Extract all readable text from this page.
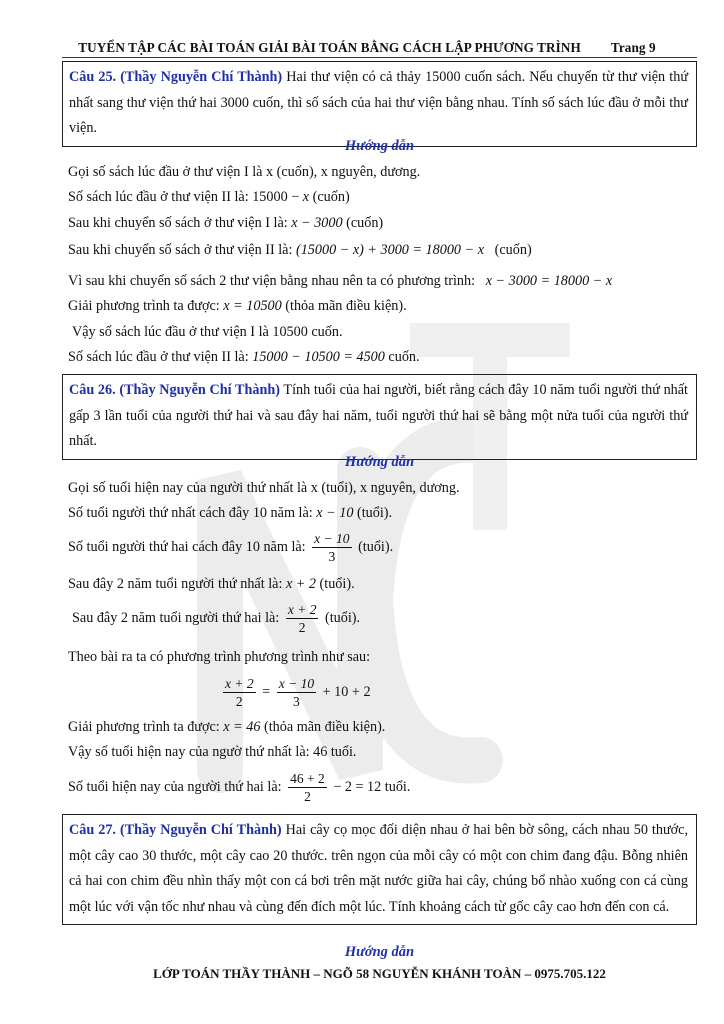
TUYỂN TẬP CÁC BÀI TOÁN GIẢI BÀI TOÁN BẰNG CÁCH LẬP PHƯƠNG TRÌNH Trang 9
Câu 25. (Thầy Nguyễn Chí Thành) Hai thư viện có cả thảy 15000 cuốn sách. Nếu chuyển từ thư viện thứ nhất sang thư viện thứ hai 3000 cuốn, thì số sách của hai thư viện bằng nhau. Tính số sách lúc đầu ở mỗi thư viện.
Hướng dẫn
Gọi số sách lúc đầu ở thư viện I là x (cuốn), x nguyên, dương.
Số sách lúc đầu ở thư viện II là: 15000 − x (cuốn)
Sau khi chuyển số sách ở thư viện I là: x − 3000 (cuốn)
Sau khi chuyển số sách ở thư viện II là: (15000 − x) + 3000 = 18000 − x (cuốn)
Vì sau khi chuyển số sách 2 thư viện bằng nhau nên ta có phương trình:   x − 3000 = 18000 − x
Giải phương trình ta được: x = 10500 (thỏa mãn điều kiện).
Vậy số sách lúc đầu ở thư viện I là 10500 cuốn.
Số sách lúc đầu ở thư viện II là: 15000 − 10500 = 4500 cuốn.
Câu 26. (Thầy Nguyễn Chí Thành) Tính tuổi của hai người, biết rằng cách đây 10 năm tuổi người thứ nhất gấp 3 lần tuổi của người thứ hai và sau đây hai năm, tuổi người thứ hai sẽ bằng một nửa tuổi của người thứ nhất.
Hướng dẫn
Gọi số tuổi hiện nay của người thứ nhất là x (tuổi), x nguyên, dương.
Số tuổi người thứ nhất cách đây 10 năm là: x − 10 (tuổi).
Số tuổi người thứ hai cách đây 10 năm là: $\frac{x - 10}{3}$ (tuổi).
Sau đây 2 năm tuổi người thứ nhất là: x + 2 (tuổi).
Sau đây 2 năm tuổi người thứ hai là: $\frac{x + 2}{2}$ (tuổi).
Theo bài ra ta có phương trình phương trình như sau:
$\frac{x + 2}{2} = \frac{x - 10}{3} + 10 + 2$
Giải phương trình ta được: x = 46 (thỏa mãn điều kiện).
Vậy số tuổi hiện nay của ngườ thứ nhất là: 46 tuổi.
Số tuổi hiện nay của người thứ hai là: $\frac{46 + 2}{2} - 2 = 12$ tuổi.
Câu 27. (Thầy Nguyễn Chí Thành) Hai cây cọ mọc đối diện nhau ở hai bên bờ sông, cách nhau 50 thước, một cây cao 30 thước, một cây cao 20 thước. trên ngọn của mỗi cây có một con chim đang đậu. Bỗng nhiên cả hai con chim đều nhìn thấy một con cá bơi trên mặt nước giữa hai cây, chúng bổ nhào xuống con cá cùng một lúc với vận tốc như nhau và cùng đến đích một lúc. Tính khoảng cách từ gốc cây cao hơn đến con cá.
Hướng dẫn
LỚP TOÁN THẦY THÀNH – NGÕ 58 NGUYỄN KHÁNH TOÀN – 0975.705.122
